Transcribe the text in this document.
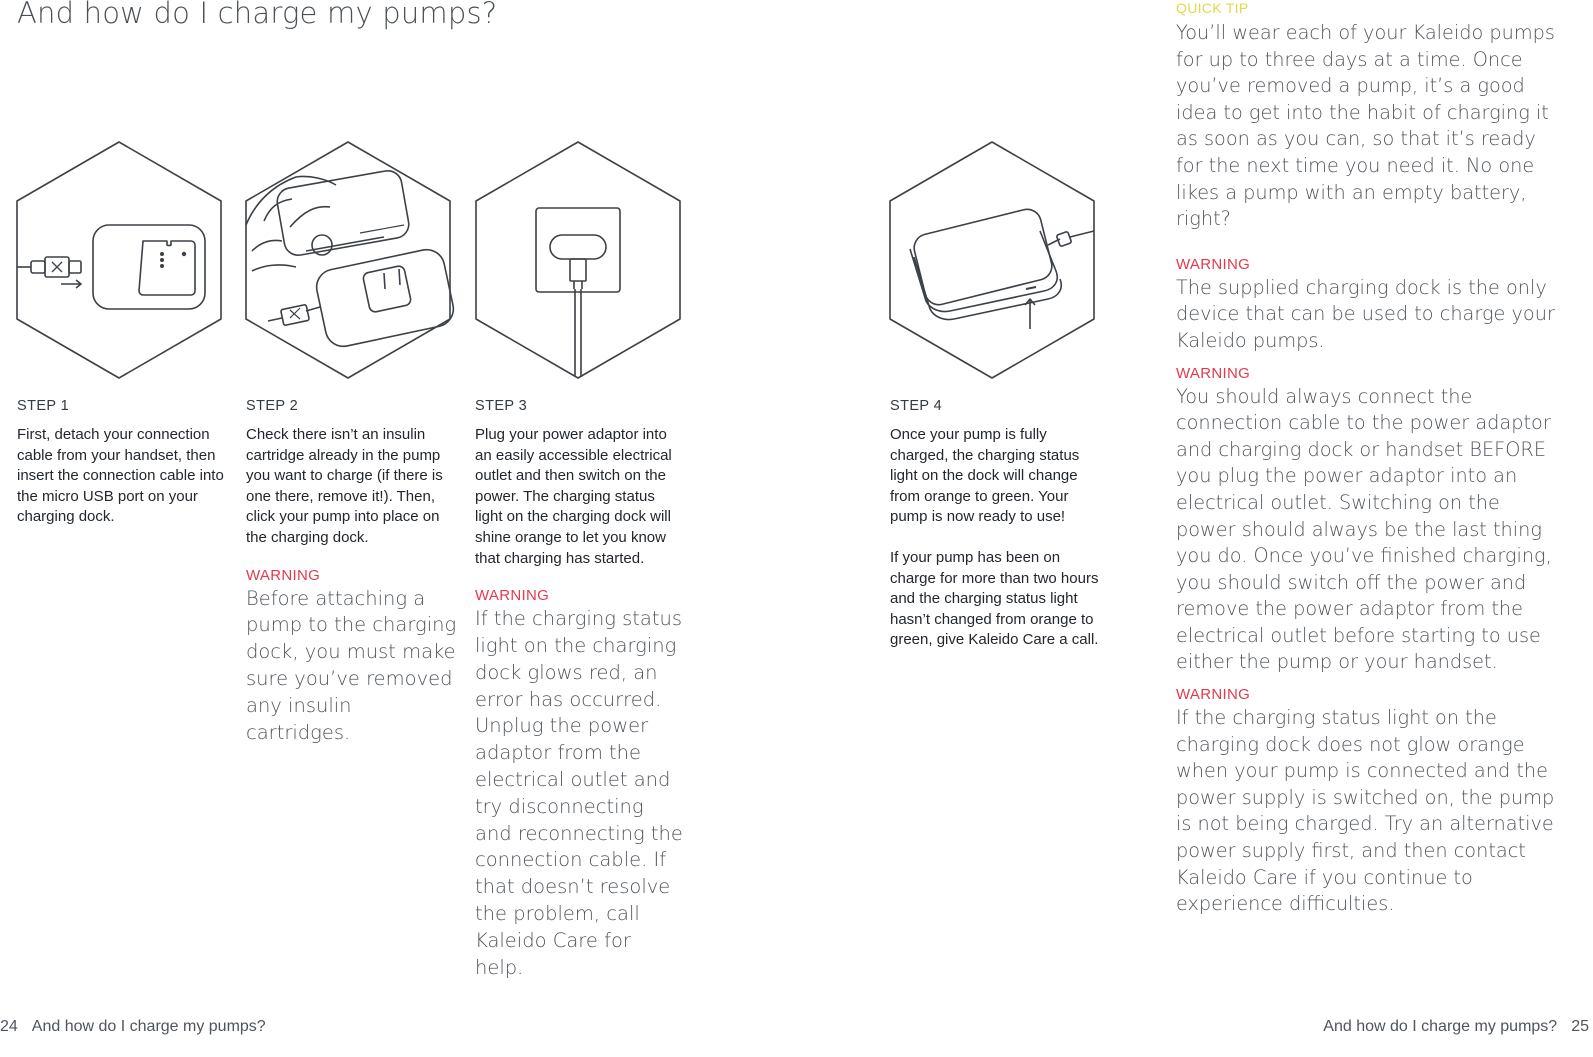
And how do I charge my pumps?
STEP 1

First, detach your connection cable from your handset, then insert the connection cable into the micro USB port on your charging dock.

STEP 2

Check there isn’t an insulin cartridge already in the pump you want to charge (if there is one there, remove it!). Then, click your pump into place on the charging dock.

WARNING
Before attaching a pump to the charging dock, you must make sure you’ve removed any insulin cartridges.
STEP 3

Plug your power adaptor into an easily accessible electrical outlet and then switch on the power. The charging status light on the charging dock will shine orange to let you know that charging has started.

WARNING
If the charging status light on the charging dock glows red, an error has occurred. Unplug the power adaptor from the electrical outlet and try disconnecting and reconnecting the connection cable. If that doesn’t resolve the problem, call Kaleido Care for help.
STEP 4

Once your pump is fully charged, the charging status light on the dock will change from orange to green. Your pump is now ready to use!

If your pump has been on charge for more than two hours and the charging status light hasn’t changed from orange to green, give Kaleido Care a call.

QUICK TIP
You’ll wear each of your Kaleido pumps for up to three days at a time. Once you’ve removed a pump, it’s a good idea to get into the habit of charging it as soon as you can, so that it’s ready for the next time you need it. No one likes a pump with an empty battery, right?
WARNING
The supplied charging dock is the only device that can be used to charge your Kaleido pumps.
WARNING
You should always connect the connection cable to the power adaptor and charging dock or handset BEFORE you plug the power adaptor into an electrical outlet. Switching on the power should always be the last thing you do. Once you’ve finished charging, you should switch off the power and remove the power adaptor from the electrical outlet before starting to use either the pump or your handset.
WARNING
If the charging status light on the charging dock does not glow orange when your pump is connected and the power supply is switched on, the pump is not being charged. Try an alternative power supply first, and then contact Kaleido Care if you continue to experience difficulties.
24 And how do I charge my pumps?	And how do I charge my pumps? 25
